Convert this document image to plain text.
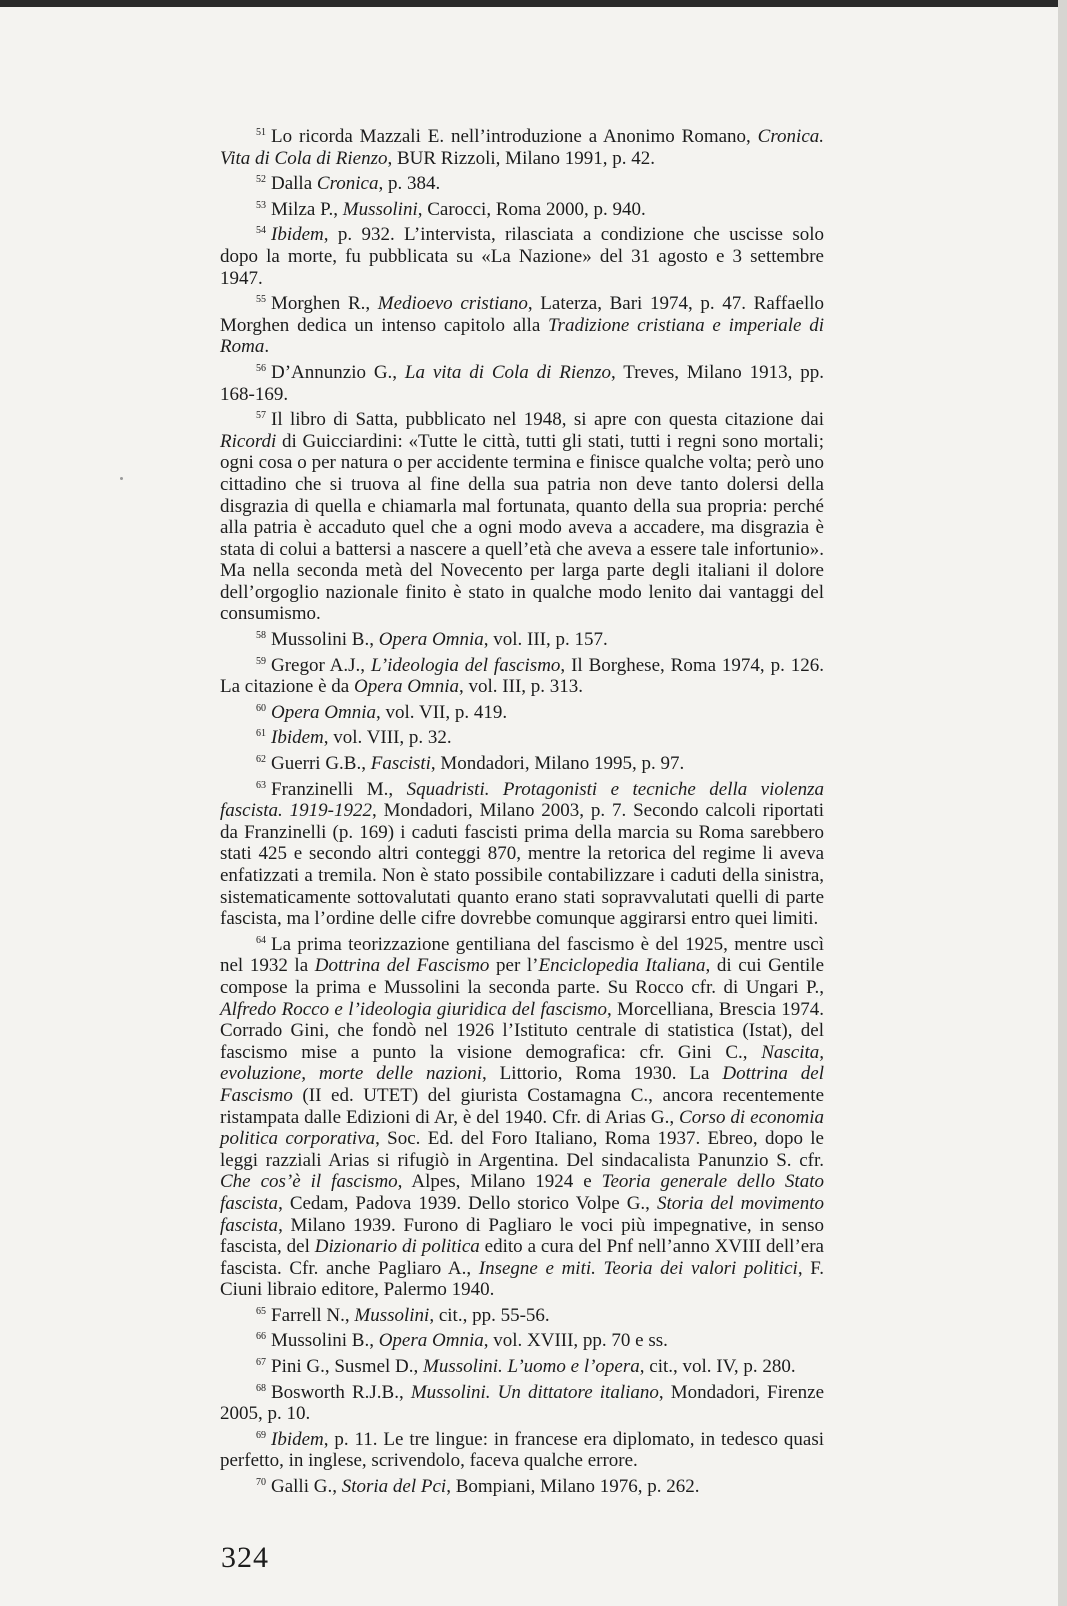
$^{51}$ Lo ricorda Mazzali E. nell’introduzione a Anonimo Romano, Cronica. Vita di Cola di Rienzo, BUR Rizzoli, Milano 1991, p. 42.

$^{52}$ Dalla Cronica, p. 384.

$^{53}$ Milza P., Mussolini, Carocci, Roma 2000, p. 940.

$^{54}$ Ibidem, p. 932. L’intervista, rilasciata a condizione che uscisse solo dopo la morte, fu pubblicata su «La Nazione» del 31 agosto e 3 settembre 1947.

$^{55}$ Morghen R., Medioevo cristiano, Laterza, Bari 1974, p. 47. Raffaello Morghen dedica un intenso capitolo alla Tradizione cristiana e imperiale di Roma.

$^{56}$ D’Annunzio G., La vita di Cola di Rienzo, Treves, Milano 1913, pp. 168-169.

$^{57}$ Il libro di Satta, pubblicato nel 1948, si apre con questa citazione dai Ricordi di Guicciardini: «Tutte le città, tutti gli stati, tutti i regni sono mortali; ogni cosa o per natura o per accidente termina e finisce qualche volta; però uno cittadino che si truova al fine della sua patria non deve tanto dolersi della disgrazia di quella e chiamarla mal fortunata, quanto della sua propria: perché alla patria è accaduto quel che a ogni modo aveva a accadere, ma disgrazia è stata di colui a battersi a nascere a quell’età che aveva a essere tale infortunio». Ma nella seconda metà del Novecento per larga parte degli italiani il dolore dell’orgoglio nazionale finito è stato in qualche modo lenito dai vantaggi del consumismo.

$^{58}$ Mussolini B., Opera Omnia, vol. III, p. 157.

$^{59}$ Gregor A.J., L’ideologia del fascismo, Il Borghese, Roma 1974, p. 126. La citazione è da Opera Omnia, vol. III, p. 313.

$^{60}$ Opera Omnia, vol. VII, p. 419.

$^{61}$ Ibidem, vol. VIII, p. 32.

$^{62}$ Guerri G.B., Fascisti, Mondadori, Milano 1995, p. 97.

$^{63}$ Franzinelli M., Squadristi. Protagonisti e tecniche della violenza fascista. 1919-1922, Mondadori, Milano 2003, p. 7. Secondo calcoli riportati da Franzinelli (p. 169) i caduti fascisti prima della marcia su Roma sarebbero stati 425 e secondo altri conteggi 870, mentre la retorica del regime li aveva enfatizzati a tremila. Non è stato possibile contabilizzare i caduti della sinistra, sistematicamente sottovalutati quanto erano stati sopravvalutati quelli di parte fascista, ma l’ordine delle cifre dovrebbe comunque aggirarsi entro quei limiti.

$^{64}$ La prima teorizzazione gentiliana del fascismo è del 1925, mentre uscì nel 1932 la Dottrina del Fascismo per l’Enciclopedia Italiana, di cui Gentile compose la prima e Mussolini la seconda parte. Su Rocco cfr. di Ungari P., Alfredo Rocco e l’ideologia giuridica del fascismo, Morcelliana, Brescia 1974. Corrado Gini, che fondò nel 1926 l’Istituto centrale di statistica (Istat), del fascismo mise a punto la visione demografica: cfr. Gini C., Nascita, evoluzione, morte delle nazioni, Littorio, Roma 1930. La Dottrina del Fascismo (II ed. UTET) del giurista Costamagna C., ancora recentemente ristampata dalle Edizioni di Ar, è del 1940. Cfr. di Arias G., Corso di economia politica corporativa, Soc. Ed. del Foro Italiano, Roma 1937. Ebreo, dopo le leggi razziali Arias si rifugiò in Argentina. Del sindacalista Panunzio S. cfr. Che cos’è il fascismo, Alpes, Milano 1924 e Teoria generale dello Stato fascista, Cedam, Padova 1939. Dello storico Volpe G., Storia del movimento fascista, Milano 1939. Furono di Pagliaro le voci più impegnative, in senso fascista, del Dizionario di politica edito a cura del Pnf nell’anno XVIII dell’era fascista. Cfr. anche Pagliaro A., Insegne e miti. Teoria dei valori politici, F. Ciuni libraio editore, Palermo 1940.

$^{65}$ Farrell N., Mussolini, cit., pp. 55-56.

$^{66}$ Mussolini B., Opera Omnia, vol. XVIII, pp. 70 e ss.

$^{67}$ Pini G., Susmel D., Mussolini. L’uomo e l’opera, cit., vol. IV, p. 280.

$^{68}$ Bosworth R.J.B., Mussolini. Un dittatore italiano, Mondadori, Firenze 2005, p. 10.

$^{69}$ Ibidem, p. 11. Le tre lingue: in francese era diplomato, in tedesco quasi perfetto, in inglese, scrivendolo, faceva qualche errore.

$^{70}$ Galli G., Storia del Pci, Bompiani, Milano 1976, p. 262.

324
